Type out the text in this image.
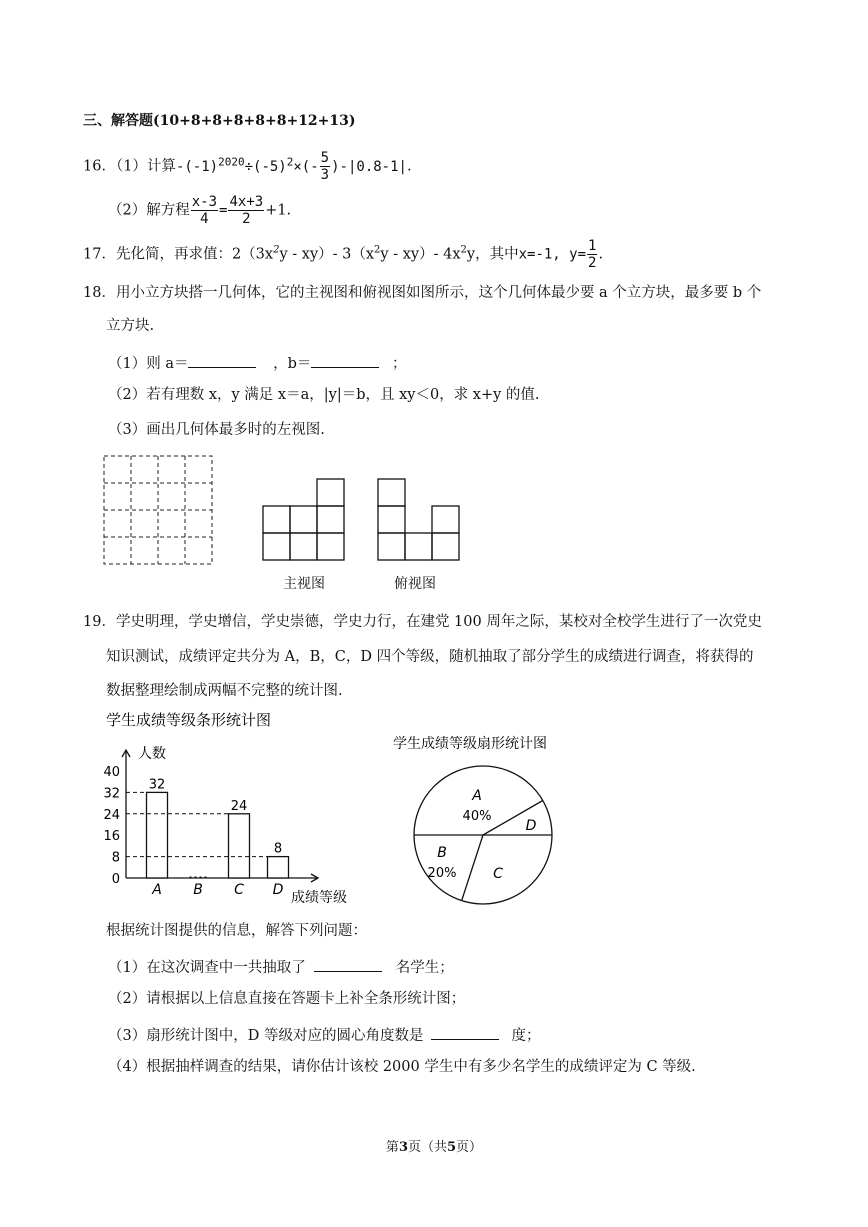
三、解答题(10+8+8+8+8+8+12+13)
16．（1）计算$-(-1)^{2020}\div(-5)^2\times(- \frac{5}{3} )-|0.8-1|$.
（2）解方程 $\frac{x-3}{4} = \frac{4x+3}{2} +1$.
17．先化简，再求值：$2(3x^2y - xy)-$ $3(x^2y - xy)-$ $4x^2y$，其中x=-1, $y= \frac{1}{2}$ .
18．用小立方块搭一几何体，它的主视图和俯视图如图所示，这个几何体最少要 a 个立方块，最多要 b 个
立方块.
（1）则 a＝	，b＝	；
（2）若有理数 x，y 满足 x＝a，|y|＝b，且 xy＜0，求 x+y 的值.
（3）画出几何体最多时的左视图.
主视图	俯视图
19．学史明理，学史增信，学史崇德，学史力行，在建党 100 周年之际，某校对全校学生进行了一次党史
知识测试，成绩评定共分为 A，B，C，D 四个等级，随机抽取了部分学生的成绩进行调查，将获得的
数据整理绘制成两幅不完整的统计图.
学生成绩等级条形统计图
人数
成绩等级
0
8
16
24
32
40
32
A B
24
C
8
D
学生成绩等级扇形统计图
A
40%
B
20%	C
D
根据统计图提供的信息，解答下列问题：
（1）在这次调查中一共抽取了	名学生；
（2）请根据以上信息直接在答题卡上补全条形统计图；
（3）扇形统计图中，D 等级对应的圆心角度数是	度；
（4）根据抽样调查的结果，请你估计该校 2000 学生中有多少名学生的成绩评定为 C 等级.
第3页（共5页）
